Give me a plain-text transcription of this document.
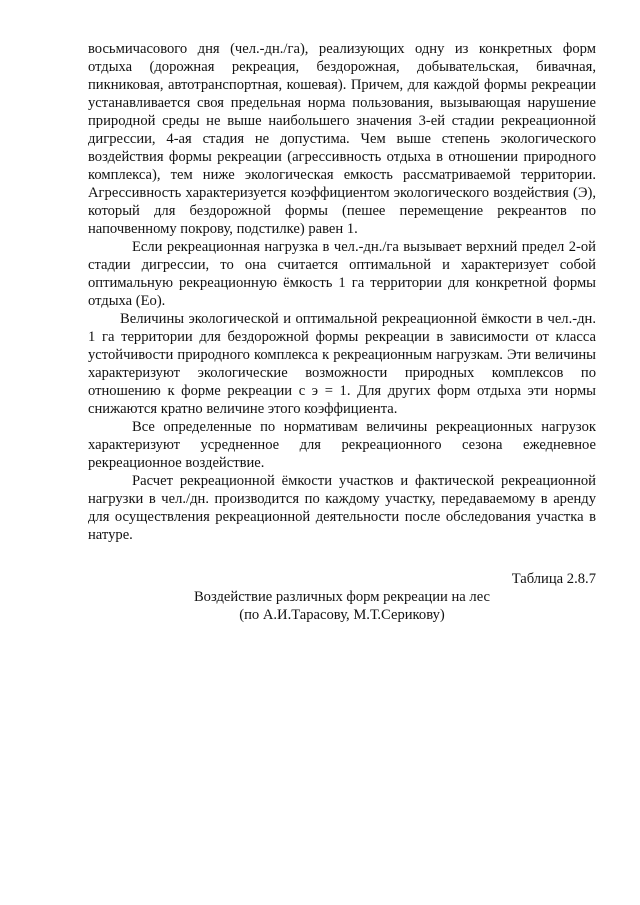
восьмичасового дня (чел.-дн./га), реализующих одну из конкретных форм отдыха (дорожная рекреация, бездорожная, добывательская, бивачная, пикниковая, автотранспортная, кошевая). Причем, для каждой формы рекреации устанавливается своя предельная норма пользования, вызывающая нарушение природной среды не выше наибольшего значения 3-ей стадии рекреационной дигрессии, 4-ая стадия не допустима. Чем выше степень экологического воздействия формы рекреации (агрессивность отдыха в отношении природного комплекса), тем ниже экологическая емкость рассматриваемой территории. Агрессивность характеризуется коэффициентом экологического воздействия (Э), который для бездорожной формы (пешее перемещение рекреантов по напочвенному покрову, подстилке) равен 1.

Если рекреационная нагрузка в чел.-дн./га вызывает верхний предел 2-ой стадии дигрессии, то она считается оптимальной и характеризует собой оптимальную рекреационную ёмкость 1 га территории для конкретной формы отдыха (Ео).

Величины экологической и оптимальной рекреационной ёмкости в чел.-дн. 1 га территории для бездорожной формы рекреации в зависимости от класса устойчивости природного комплекса к рекреационным нагрузкам. Эти величины характеризуют экологические возможности природных комплексов по отношению к форме рекреации с э = 1. Для других форм отдыха эти нормы снижаются кратно величине этого коэффициента.

Все определенные по нормативам величины рекреационных нагрузок характеризуют усредненное для рекреационного сезона ежедневное рекреационное воздействие.

Расчет рекреационной ёмкости участков и фактической рекреационной нагрузки в чел./дн. производится по каждому участку, передаваемому в аренду для осуществления рекреационной деятельности после обследования участка в натуре.

Таблица 2.8.7

Воздействие различных форм рекреации на лес

(по А.И.Тарасову, М.Т.Серикову)
